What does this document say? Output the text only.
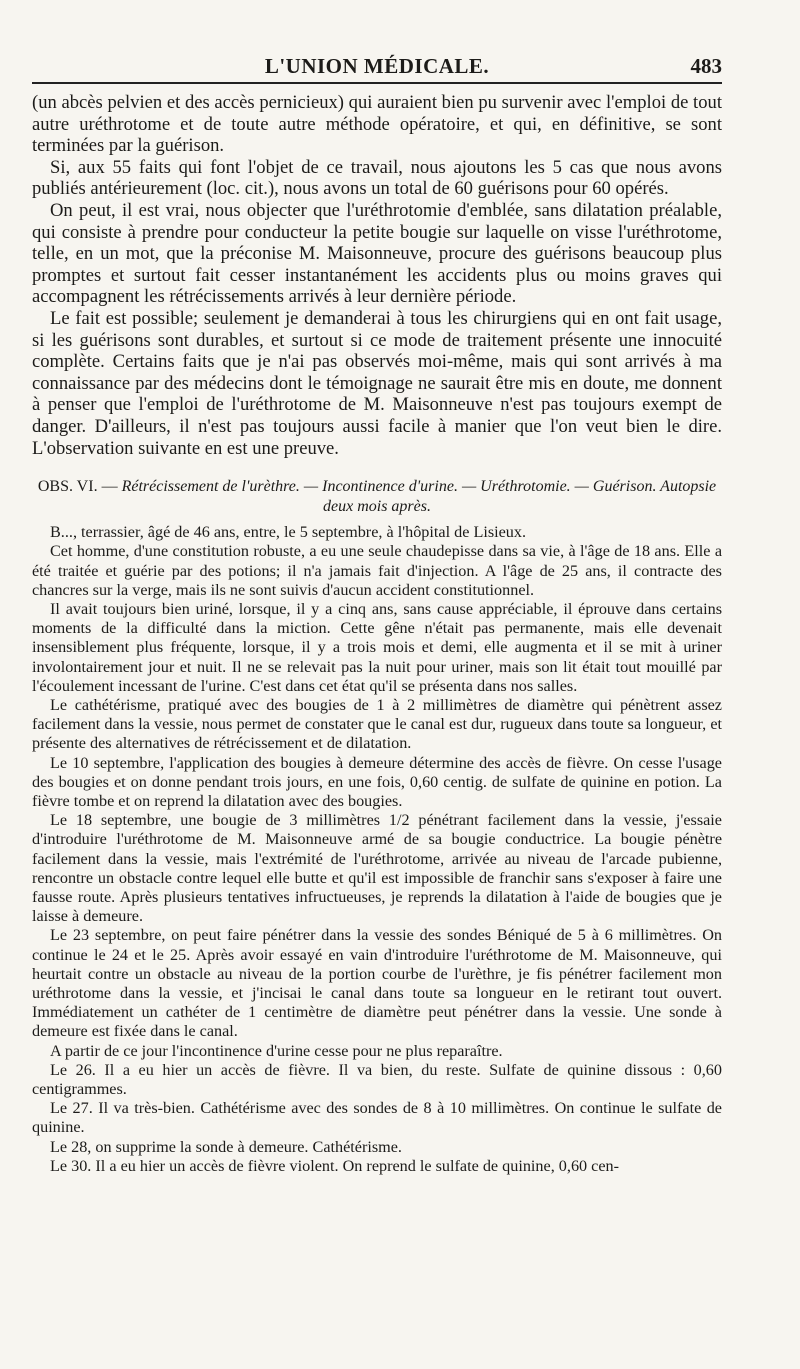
L'UNION MÉDICALE.	483

(un abcès pelvien et des accès pernicieux) qui auraient bien pu survenir avec l'emploi de tout autre uréthrotome et de toute autre méthode opératoire, et qui, en définitive, se sont terminées par la guérison.

Si, aux 55 faits qui font l'objet de ce travail, nous ajoutons les 5 cas que nous avons publiés antérieurement (loc. cit.), nous avons un total de 60 guérisons pour 60 opérés.

On peut, il est vrai, nous objecter que l'uréthrotomie d'emblée, sans dilatation préalable, qui consiste à prendre pour conducteur la petite bougie sur laquelle on visse l'uréthrotome, telle, en un mot, que la préconise M. Maisonneuve, procure des guérisons beaucoup plus promptes et surtout fait cesser instantanément les accidents plus ou moins graves qui accompagnent les rétrécissements arrivés à leur dernière période.

Le fait est possible; seulement je demanderai à tous les chirurgiens qui en ont fait usage, si les guérisons sont durables, et surtout si ce mode de traitement présente une innocuité complète. Certains faits que je n'ai pas observés moi-même, mais qui sont arrivés à ma connaissance par des médecins dont le témoignage ne saurait être mis en doute, me donnent à penser que l'emploi de l'uréthrotome de M. Maisonneuve n'est pas toujours exempt de danger. D'ailleurs, il n'est pas toujours aussi facile à manier que l'on veut bien le dire. L'observation suivante en est une preuve.

OBS. VI. — Rétrécissement de l'urèthre. — Incontinence d'urine. — Uréthrotomie. — Guérison. Autopsie deux mois après.

B..., terrassier, âgé de 46 ans, entre, le 5 septembre, à l'hôpital de Lisieux.

Cet homme, d'une constitution robuste, a eu une seule chaudepisse dans sa vie, à l'âge de 18 ans. Elle a été traitée et guérie par des potions; il n'a jamais fait d'injection. A l'âge de 25 ans, il contracte des chancres sur la verge, mais ils ne sont suivis d'aucun accident constitutionnel.

Il avait toujours bien uriné, lorsque, il y a cinq ans, sans cause appréciable, il éprouve dans certains moments de la difficulté dans la miction. Cette gêne n'était pas permanente, mais elle devenait insensiblement plus fréquente, lorsque, il y a trois mois et demi, elle augmenta et il se mit à uriner involontairement jour et nuit. Il ne se relevait pas la nuit pour uriner, mais son lit était tout mouillé par l'écoulement incessant de l'urine. C'est dans cet état qu'il se présenta dans nos salles.

Le cathétérisme, pratiqué avec des bougies de 1 à 2 millimètres de diamètre qui pénètrent assez facilement dans la vessie, nous permet de constater que le canal est dur, rugueux dans toute sa longueur, et présente des alternatives de rétrécissement et de dilatation.

Le 10 septembre, l'application des bougies à demeure détermine des accès de fièvre. On cesse l'usage des bougies et on donne pendant trois jours, en une fois, 0,60 centig. de sulfate de quinine en potion. La fièvre tombe et on reprend la dilatation avec des bougies.

Le 18 septembre, une bougie de 3 millimètres 1/2 pénétrant facilement dans la vessie, j'essaie d'introduire l'uréthrotome de M. Maisonneuve armé de sa bougie conductrice. La bougie pénètre facilement dans la vessie, mais l'extrémité de l'uréthrotome, arrivée au niveau de l'arcade pubienne, rencontre un obstacle contre lequel elle butte et qu'il est impossible de franchir sans s'exposer à faire une fausse route. Après plusieurs tentatives infructueuses, je reprends la dilatation à l'aide de bougies que je laisse à demeure.

Le 23 septembre, on peut faire pénétrer dans la vessie des sondes Béniqué de 5 à 6 millimètres. On continue le 24 et le 25. Après avoir essayé en vain d'introduire l'uréthrotome de M. Maisonneuve, qui heurtait contre un obstacle au niveau de la portion courbe de l'urèthre, je fis pénétrer facilement mon uréthrotome dans la vessie, et j'incisai le canal dans toute sa longueur en le retirant tout ouvert. Immédiatement un cathéter de 1 centimètre de diamètre peut pénétrer dans la vessie. Une sonde à demeure est fixée dans le canal.

A partir de ce jour l'incontinence d'urine cesse pour ne plus reparaître.

Le 26. Il a eu hier un accès de fièvre. Il va bien, du reste. Sulfate de quinine dissous : 0,60 centigrammes.

Le 27. Il va très-bien. Cathétérisme avec des sondes de 8 à 10 millimètres. On continue le sulfate de quinine.

Le 28, on supprime la sonde à demeure. Cathétérisme.

Le 30. Il a eu hier un accès de fièvre violent. On reprend le sulfate de quinine, 0,60 cen-
